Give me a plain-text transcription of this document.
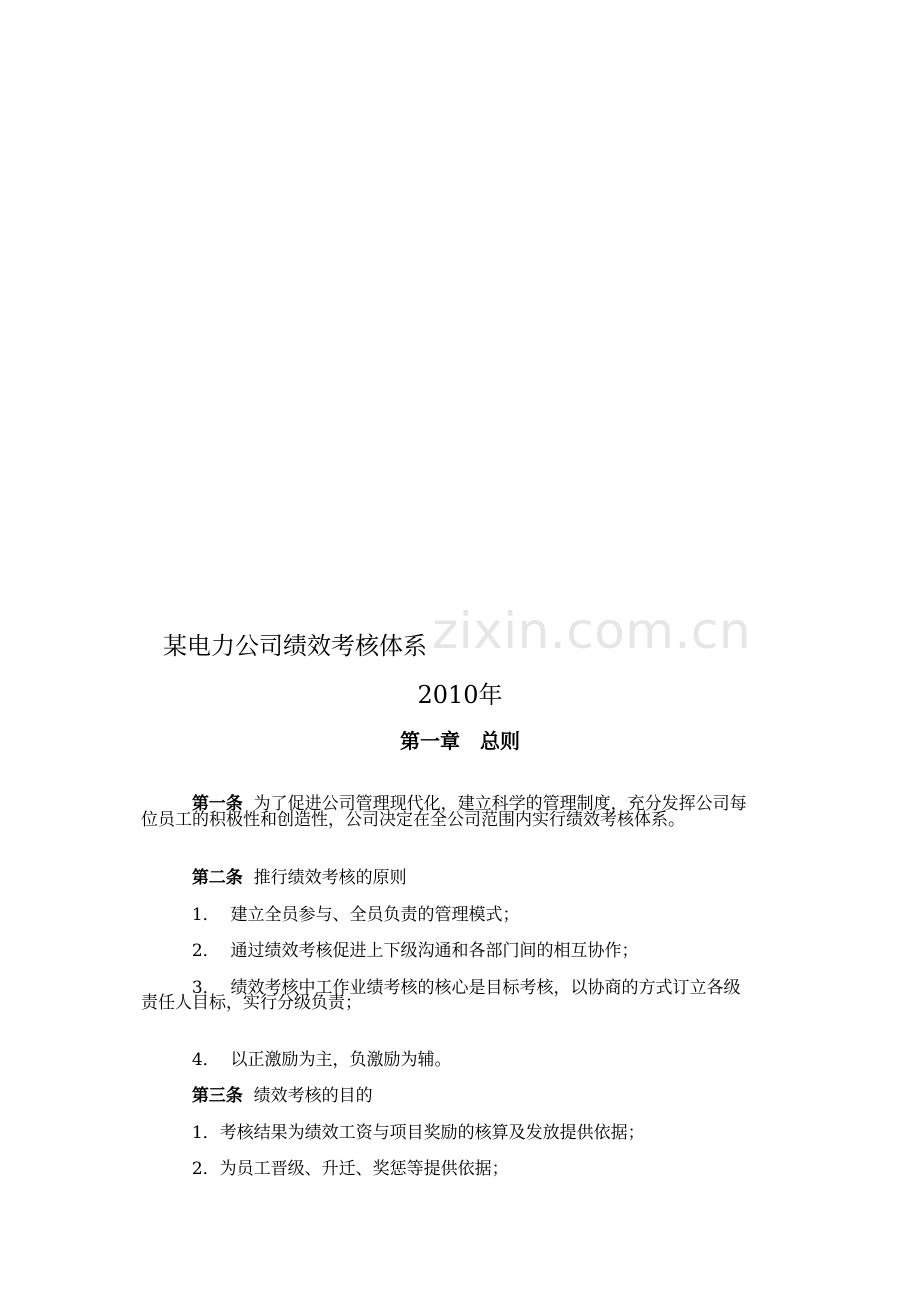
zixin.com.cn
某电力公司绩效考核体系
2010年
第一章　总则

第一条 为了促进公司管理现代化，建立科学的管理制度，充分发挥公司每

位员工的积极性和创造性，公司决定在全公司范围内实行绩效考核体系。

第二条 推行绩效考核的原则

1． 建立全员参与、全员负责的管理模式；

2． 通过绩效考核促进上下级沟通和各部门间的相互协作；

3． 绩效考核中工作业绩考核的核心是目标考核，以协商的方式订立各级

责任人目标，实行分级负责；

4． 以正激励为主，负激励为辅。

第三条 绩效考核的目的

1．考核结果为绩效工资与项目奖励的核算及发放提供依据；

2．为员工晋级、升迁、奖惩等提供依据；
